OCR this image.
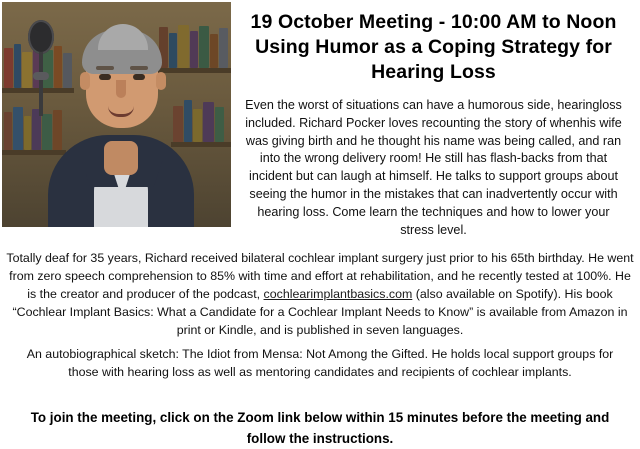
19 October Meeting - 10:00 AM to Noon
Using Humor as a Coping Strategy for
Hearing Loss

Even the worst of situations can have a humorous side, hearingloss included. Richard Pocker loves recounting the story of whenhis wife was giving birth and he thought his name was being called, and ran into the wrong delivery room! He still has flash-backs from that incident but can laugh at himself. He talks to support groups about seeing the humor in the mistakes that can inadvertently occur with hearing loss. Come learn the techniques and how to lower your stress level.

Totally deaf for 35 years, Richard received bilateral cochlear implant surgery just prior to his 65th birthday. He went from zero speech comprehension to 85% with time and effort at rehabilitation, and he recently tested at 100%. He is the creator and producer of the podcast, cochlearimplantbasics.com (also available on Spotify). His book “Cochlear Implant Basics: What a Candidate for a Cochlear Implant Needs to Know” is available from Amazon in print or Kindle, and is published in seven languages.

An autobiographical sketch: The Idiot from Mensa: Not Among the Gifted. He holds local support groups for those with hearing loss as well as mentoring candidates and recipients of cochlear implants.

To join the meeting, click on the Zoom link below within 15 minutes before the meeting and follow the instructions.
